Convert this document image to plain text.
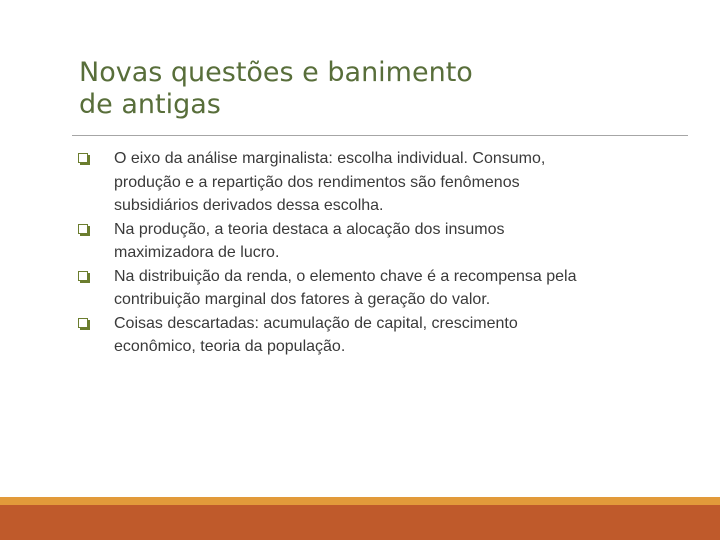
Novas questões e banimento
de antigas
O eixo da análise marginalista: escolha individual. Consumo,
produção e a repartição dos rendimentos são fenômenos
subsidiários derivados dessa escolha.
Na produção, a teoria destaca a alocação dos insumos
maximizadora de lucro.
Na distribuição da renda, o elemento chave é a recompensa pela
contribuição marginal dos fatores à geração do valor.
Coisas descartadas: acumulação de capital, crescimento
econômico, teoria da população.
